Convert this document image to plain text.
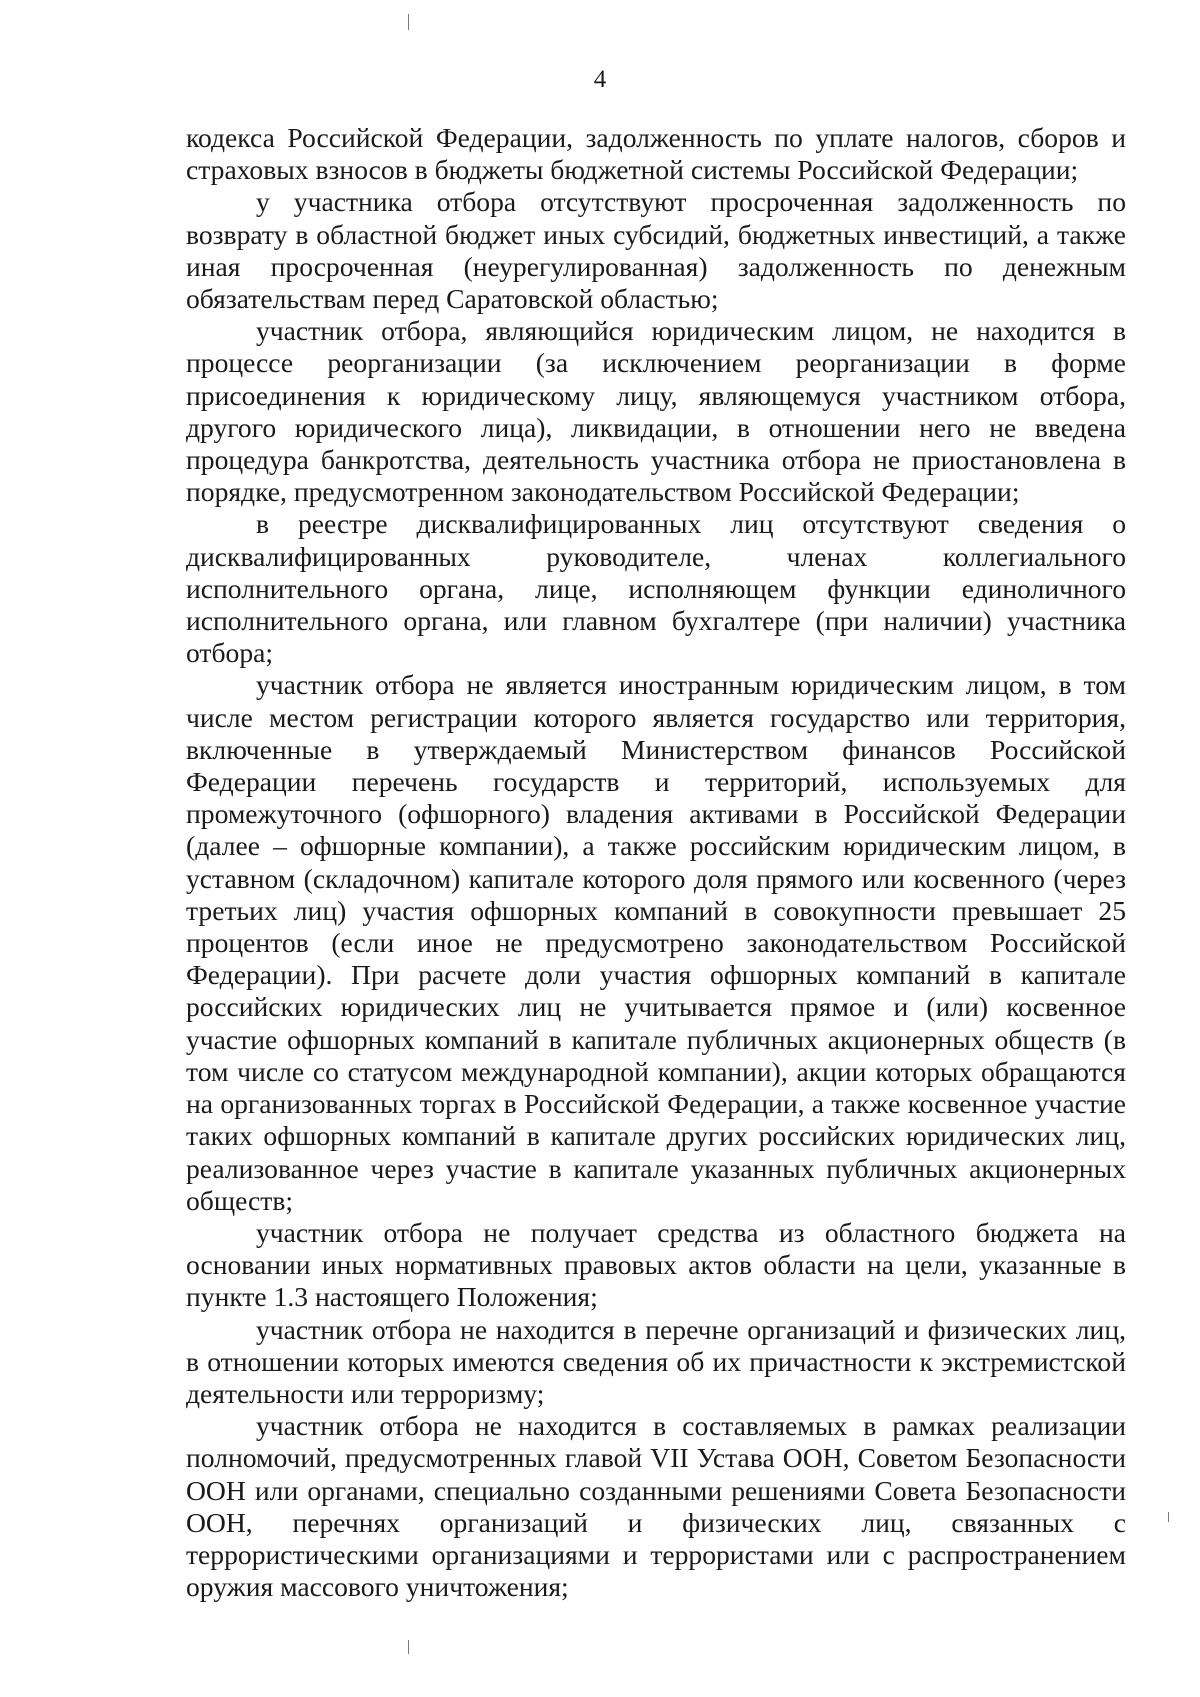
4

кодекса Российской Федерации, задолженность по уплате налогов, сборов и страховых взносов в бюджеты бюджетной системы Российской Федерации;

у участника отбора отсутствуют просроченная задолженность по возврату в областной бюджет иных субсидий, бюджетных инвестиций, а также иная просроченная (неурегулированная) задолженность по денежным обязательствам перед Саратовской областью;

участник отбора, являющийся юридическим лицом, не находится в процессе реорганизации (за исключением реорганизации в форме присоединения к юридическому лицу, являющемуся участником отбора, другого юридического лица), ликвидации, в отношении него не введена процедура банкротства, деятельность участника отбора не приостановлена в порядке, предусмотренном законодательством Российской Федерации;

в реестре дисквалифицированных лиц отсутствуют сведения о дисквалифицированных руководителе, членах коллегиального исполнительного органа, лице, исполняющем функции единоличного исполнительного органа, или главном бухгалтере (при наличии) участника отбора;

участник отбора не является иностранным юридическим лицом, в том числе местом регистрации которого является государство или территория, включенные в утверждаемый Министерством финансов Российской Федерации перечень государств и территорий, используемых для промежуточного (офшорного) владения активами в Российской Федерации (далее – офшорные компании), а также российским юридическим лицом, в уставном (складочном) капитале которого доля прямого или косвенного (через третьих лиц) участия офшорных компаний в совокупности превышает 25 процентов (если иное не предусмотрено законодательством Российской Федерации). При расчете доли участия офшорных компаний в капитале российских юридических лиц не учитывается прямое и (или) косвенное участие офшорных компаний в капитале публичных акционерных обществ (в том числе со статусом международной компании), акции которых обращаются на организованных торгах в Российской Федерации, а также косвенное участие таких офшорных компаний в капитале других российских юридических лиц, реализованное через участие в капитале указанных публичных акционерных обществ;

участник отбора не получает средства из областного бюджета на основании иных нормативных правовых актов области на цели, указанные в пункте 1.3 настоящего Положения;

участник отбора не находится в перечне организаций и физических лиц, в отношении которых имеются сведения об их причастности к экстремистской деятельности или терроризму;

участник отбора не находится в составляемых в рамках реализации полномочий, предусмотренных главой VII Устава ООН, Советом Безопасности ООН или органами, специально созданными решениями Совета Безопасности ООН, перечнях организаций и физических лиц, связанных с террористическими организациями и террористами или с распространением оружия массового уничтожения;
